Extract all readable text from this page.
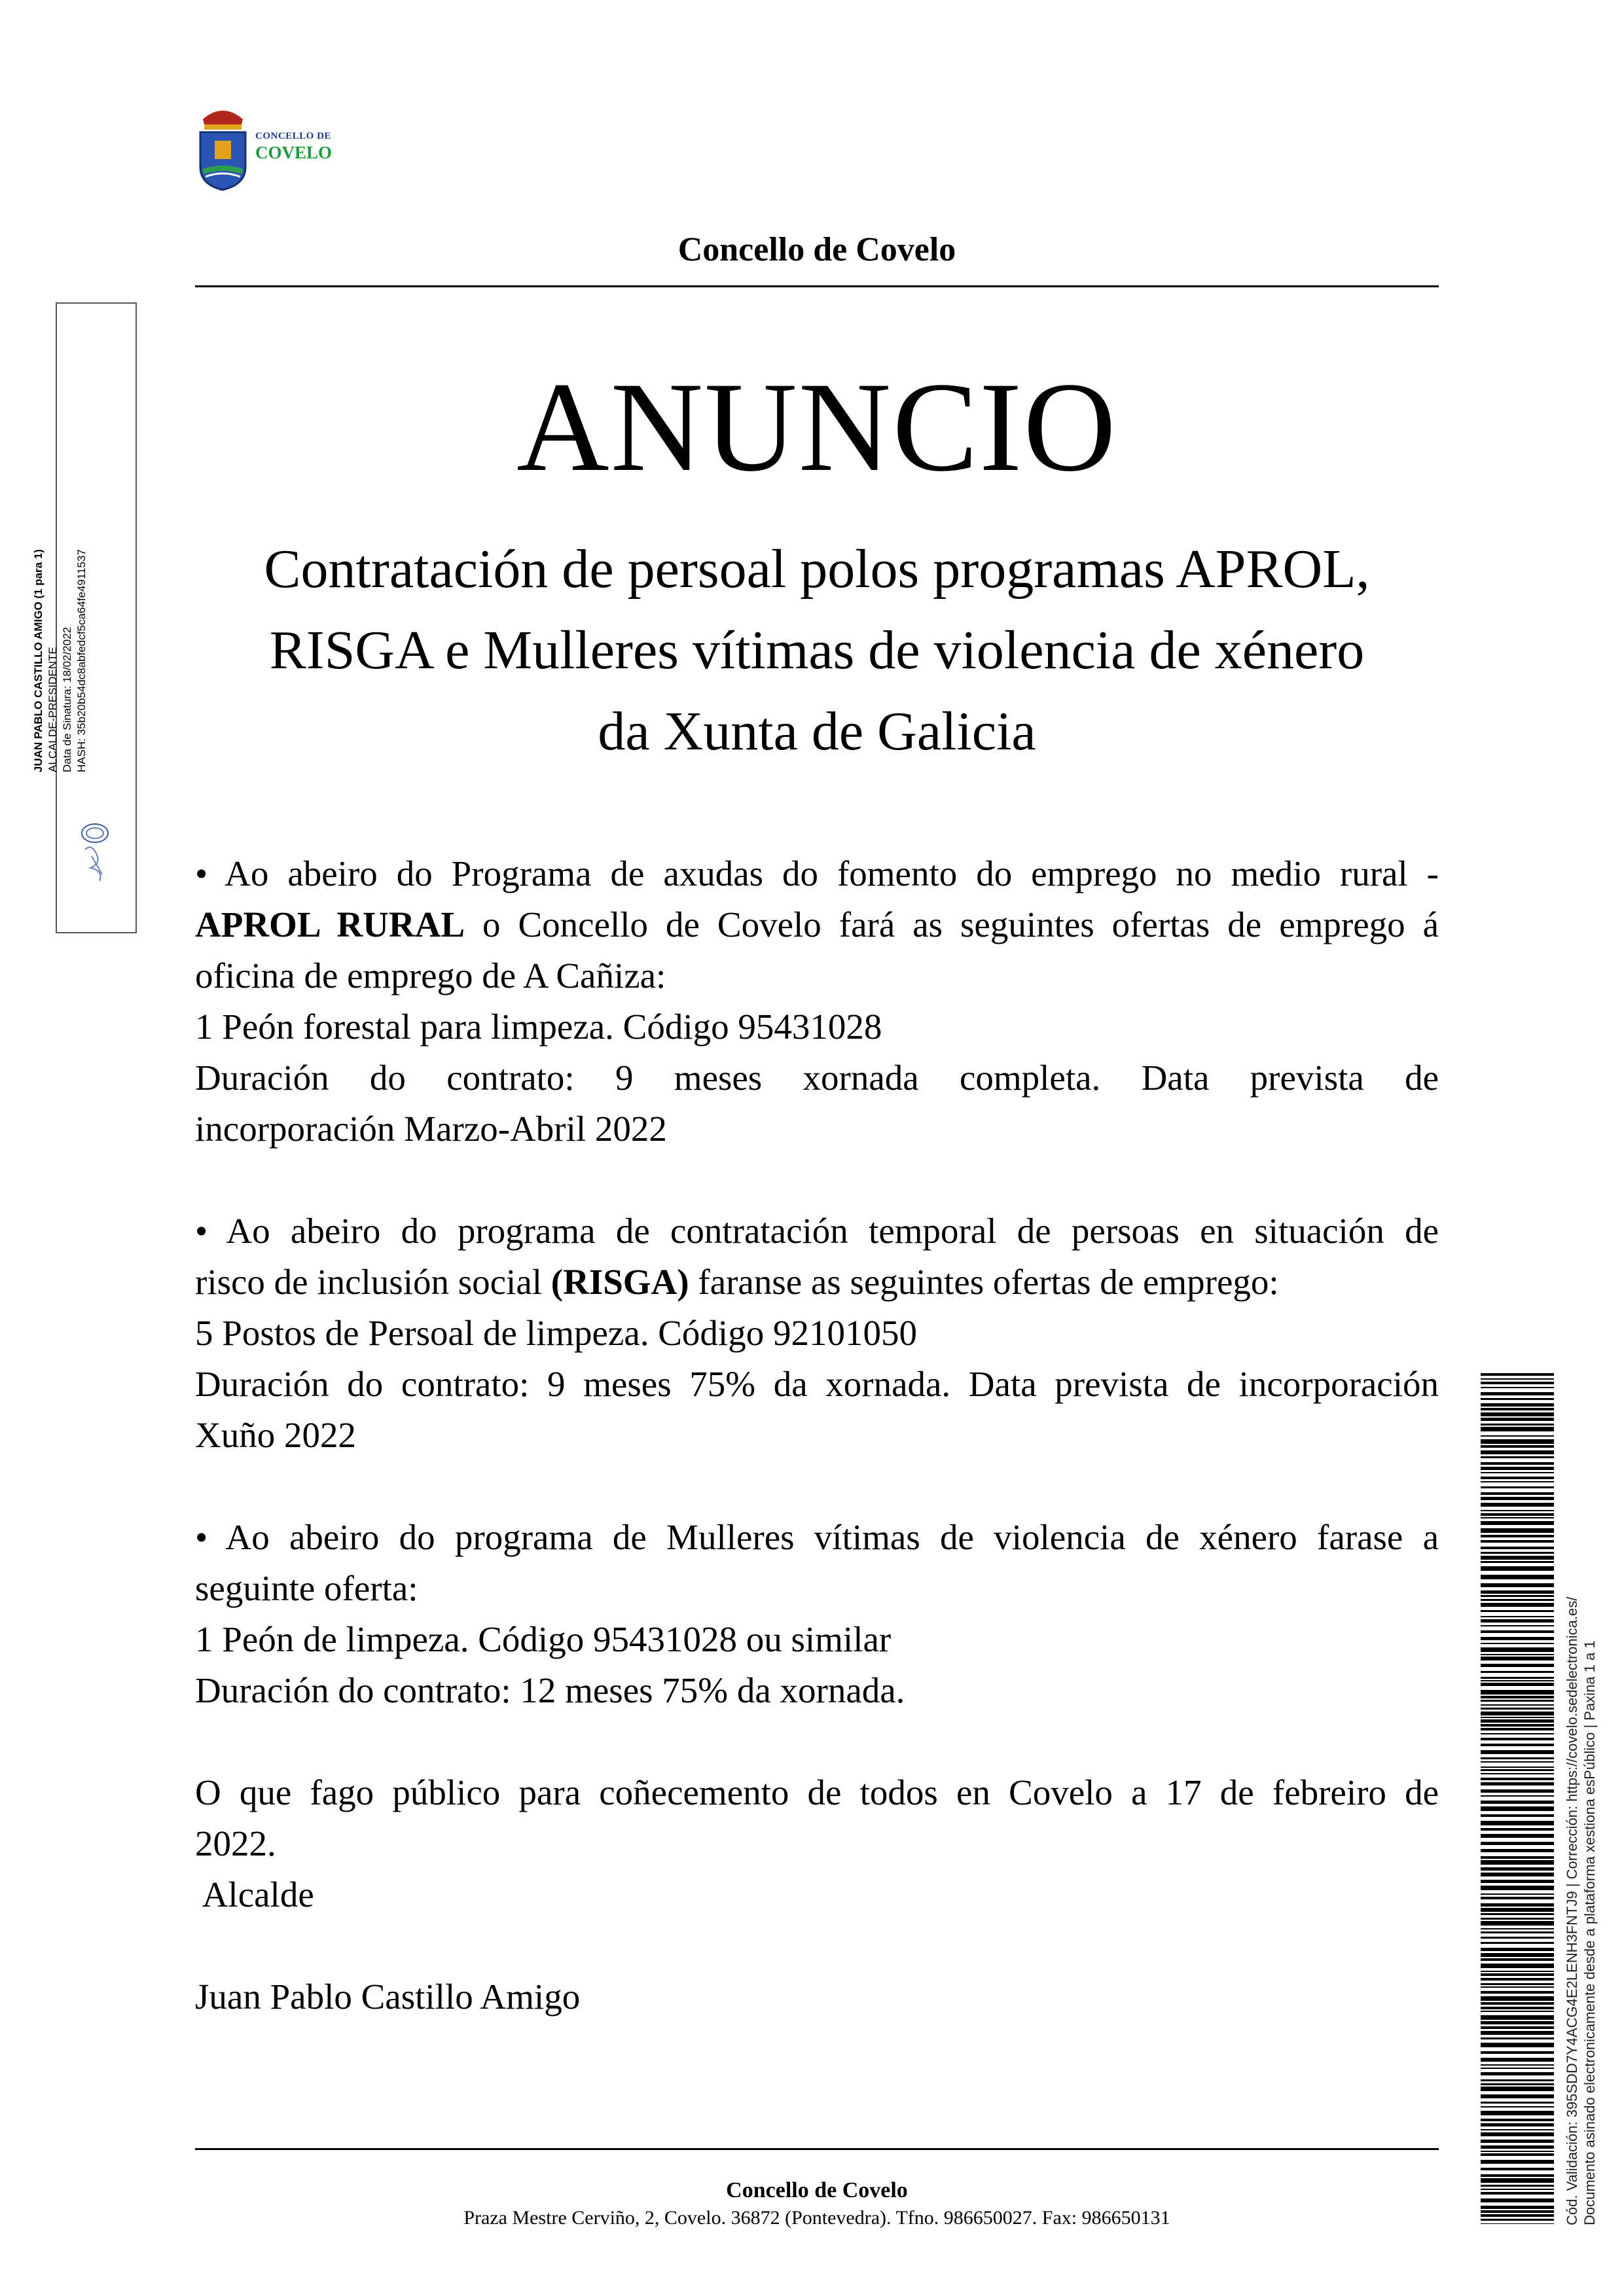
CONCELLO DE
COVELO
Concello de Covelo
ANUNCIO
Contratación de persoal polos programas APROL,
RISGA e Mulleres vítimas de violencia de xénero
da Xunta de Galicia

• Ao abeiro do Programa de axudas do fomento do emprego no medio rural -

APROL RURAL o Concello de Covelo fará as seguintes ofertas de emprego á

oficina de emprego de A Cañiza:

1 Peón forestal para limpeza. Código 95431028

Duración do contrato: 9 meses xornada completa. Data prevista de

incorporación Marzo-Abril 2022

• Ao abeiro do programa de contratación temporal de persoas en situación de

risco de inclusión social (RISGA) faranse as seguintes ofertas de emprego:

5 Postos de Persoal de limpeza. Código 92101050

Duración do contrato: 9 meses 75% da xornada. Data prevista de incorporación

Xuño 2022

• Ao abeiro do programa de Mulleres vítimas de violencia de xénero farase a

seguinte oferta:

1 Peón de limpeza. Código 95431028 ou similar

Duración do contrato: 12 meses 75% da xornada.

O que fago público para coñecemento de todos en Covelo a 17 de febreiro de

2022.

Alcalde

Juan Pablo Castillo Amigo

Concello de Covelo
Praza Mestre Cerviño, 2, Covelo. 36872 (Pontevedra). Tfno. 986650027. Fax: 986650131
JUAN PABLO CASTILLO AMIGO (1 para 1) ALCALDE-PRESIDENTE Data de Sinatura: 18/02/2022 HASH: 35b20b54dc8abfedcf5ca64fe4911537
Cód. Validación: 395SDD7Y4ACG4E2LENH3FNTJ9 | Corrección: https://covelo.sedelectronica.es/ Documento asinado electronicamente desde a plataforma xestiona esPúblico | Paxina 1 a 1
